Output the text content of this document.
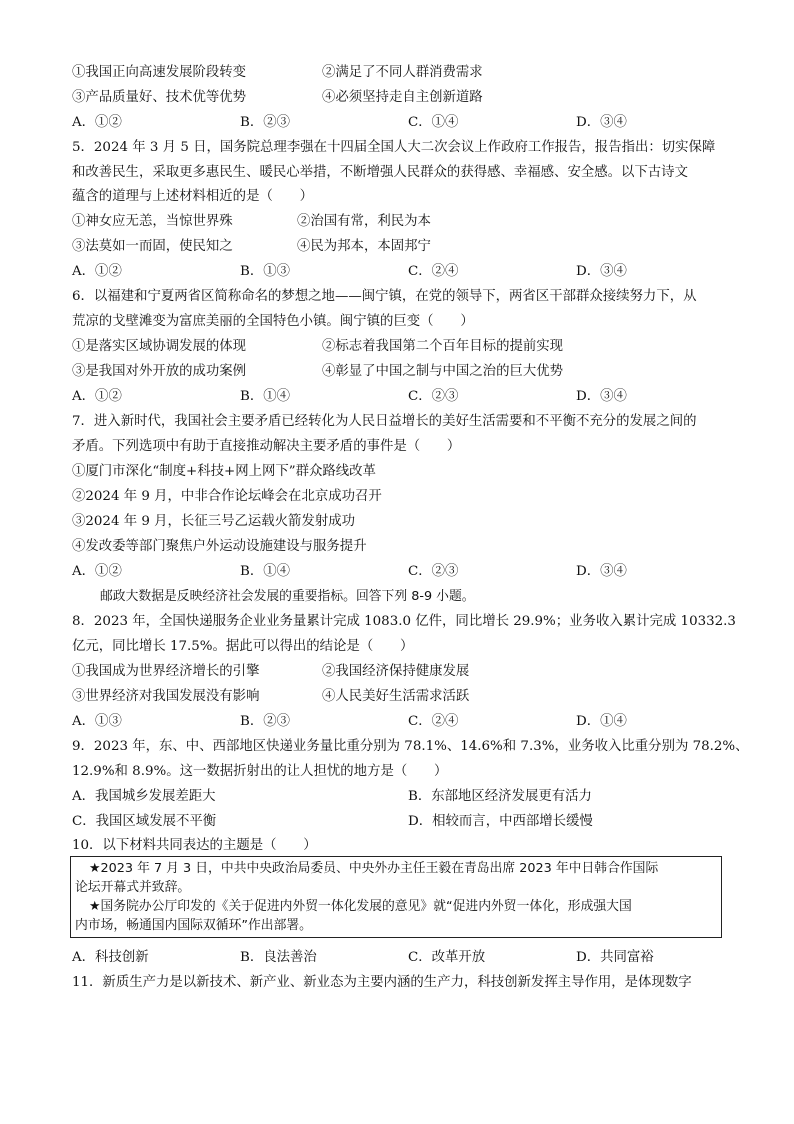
①我国正向高速发展阶段转变	②满足了不同人群消费需求
③产品质量好、技术优等优势	④必须坚持走自主创新道路
A．①②	B．②③	C．①④	D．③④
5．2024 年 3 月 5 日，国务院总理李强在十四届全国人大二次会议上作政府工作报告，报告指出：切实保障
和改善民生，采取更多惠民生、暖民心举措，不断增强人民群众的获得感、幸福感、安全感。以下古诗文
蕴含的道理与上述材料相近的是（　　）
①神女应无恙，当惊世界殊	②治国有常，利民为本
③法莫如一而固，使民知之	④民为邦本，本固邦宁
A．①②	B．①③	C．②④	D．③④
6．以福建和宁夏两省区简称命名的梦想之地——闽宁镇，在党的领导下，两省区干部群众接续努力下，从
荒凉的戈壁滩变为富庶美丽的全国特色小镇。闽宁镇的巨变（　　）
①是落实区域协调发展的体现	②标志着我国第二个百年目标的提前实现
③是我国对外开放的成功案例	④彰显了中国之制与中国之治的巨大优势
A．①②	B．①④	C．②③	D．③④
7．进入新时代，我国社会主要矛盾已经转化为人民日益增长的美好生活需要和不平衡不充分的发展之间的
矛盾。下列选项中有助于直接推动解决主要矛盾的事件是（　　）
①厦门市深化“制度+科技+网上网下”群众路线改革
②2024 年 9 月，中非合作论坛峰会在北京成功召开
③2024 年 9 月，长征三号乙运载火箭发射成功
④发改委等部门聚焦户外运动设施建设与服务提升
A．①②	B．①④	C．②③	D．③④
邮政大数据是反映经济社会发展的重要指标。回答下列 8-9 小题。
8．2023 年，全国快递服务企业业务量累计完成 1083.0 亿件，同比增长 29.9%；业务收入累计完成 10332.3
亿元，同比增长 17.5%。据此可以得出的结论是（　　）
①我国成为世界经济增长的引擎	②我国经济保持健康发展
③世界经济对我国发展没有影响	④人民美好生活需求活跃
A．①③	B．②③	C．②④	D．①④
9．2023 年，东、中、西部地区快递业务量比重分别为 78.1%、14.6%和 7.3%，业务收入比重分别为 78.2%、
12.9%和 8.9%。这一数据折射出的让人担忧的地方是（　　）
A．我国城乡发展差距大	B．东部地区经济发展更有活力
C．我国区域发展不平衡	D．相较而言，中西部增长缓慢
10．以下材料共同表达的主题是（　　）
★2023 年 7 月 3 日，中共中央政治局委员、中央外办主任王毅在青岛出席 2023 年中日韩合作国际
论坛开幕式并致辞。
★国务院办公厅印发的《关于促进内外贸一体化发展的意见》就“促进内外贸一体化，形成强大国
内市场，畅通国内国际双循环”作出部署。
A．科技创新	B．良法善治	C．改革开放	D．共同富裕
11．新质生产力是以新技术、新产业、新业态为主要内涵的生产力，科技创新发挥主导作用，是体现数字
